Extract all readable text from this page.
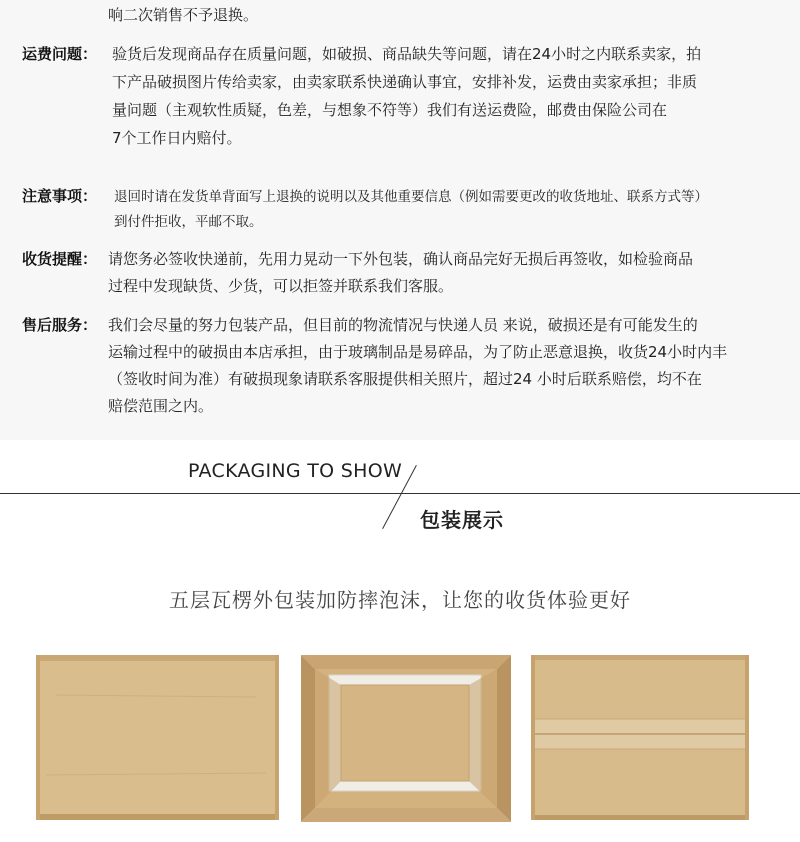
响二次销售不予退换。
运费问题： 验货后发现商品存在质量问题，如破损、商品缺失等问题，请在24小时之内联系卖家，拍
下产品破损图片传给卖家，由卖家联系快递确认事宜，安排补发，运费由卖家承担；非质
量问题（主观软性质疑，色差，与想象不符等）我们有送运费险，邮费由保险公司在
7个工作日内赔付。
注意事项： 退回时请在发货单背面写上退换的说明以及其他重要信息（例如需要更改的收货地址、联系方式等）
到付件拒收，平邮不取。
收货提醒： 请您务必签收快递前，先用力晃动一下外包装，确认商品完好无损后再签收，如检验商品
过程中发现缺货、少货，可以拒签并联系我们客服。
售后服务： 我们会尽量的努力包装产品，但目前的物流情况与快递人员 来说，破损还是有可能发生的
运输过程中的破损由本店承担，由于玻璃制品是易碎品，为了防止恶意退换，收货24小时内丰
（签收时间为准）有破损现象请联系客服提供相关照片，超过24 小时后联系赔偿，均不在
赔偿范围之内。
PACKAGING TO SHOW
包装展示
五层瓦楞外包装加防摔泡沫，让您的收货体验更好
